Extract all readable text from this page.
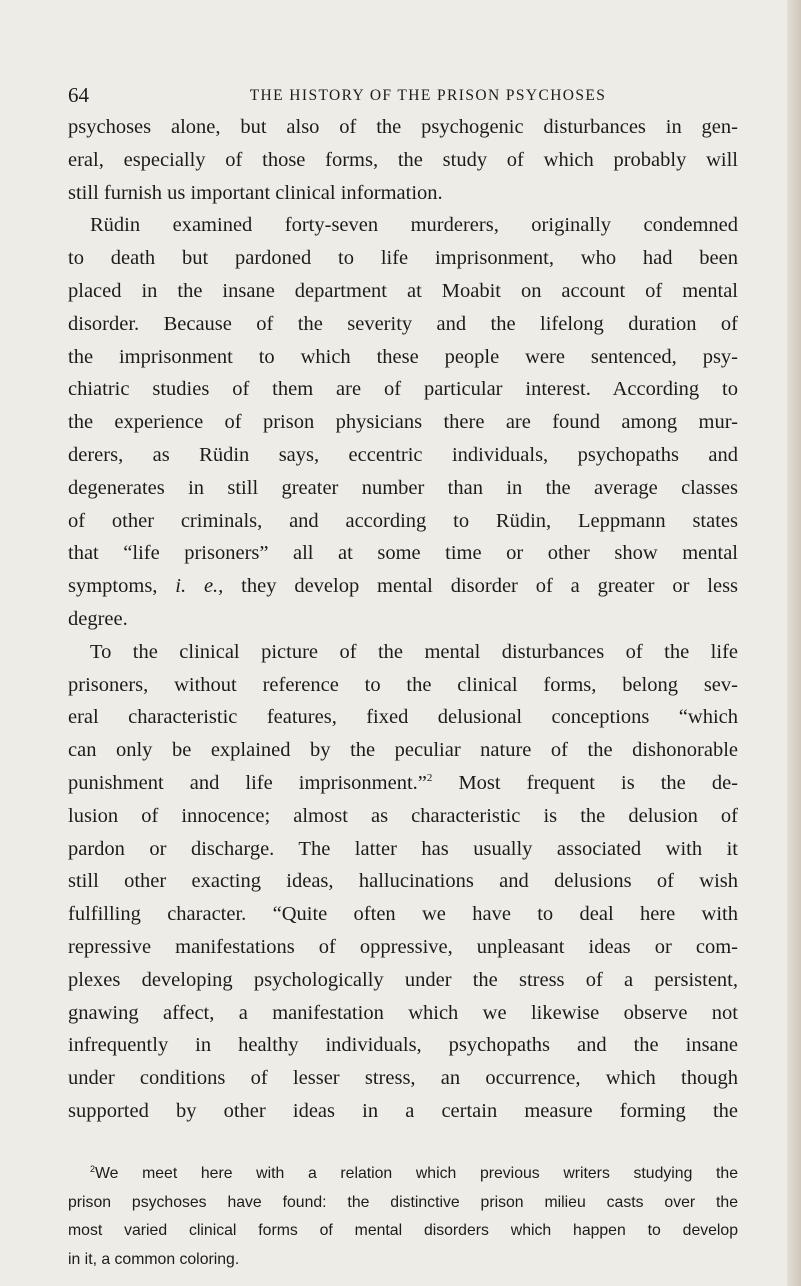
64	THE HISTORY OF THE PRISON PSYCHOSES
psychoses alone, but also of the psychogenic disturbances in gen-
eral, especially of those forms, the study of which probably will
still furnish us important clinical information.
Rüdin examined forty-seven murderers, originally condemned
to death but pardoned to life imprisonment, who had been
placed in the insane department at Moabit on account of mental
disorder. Because of the severity and the lifelong duration of
the imprisonment to which these people were sentenced, psy-
chiatric studies of them are of particular interest. According to
the experience of prison physicians there are found among mur-
derers, as Rüdin says, eccentric individuals, psychopaths and
degenerates in still greater number than in the average classes
of other criminals, and according to Rüdin, Leppmann states
that “life prisoners” all at some time or other show mental
symptoms, i. e., they develop mental disorder of a greater or less
degree.
To the clinical picture of the mental disturbances of the life
prisoners, without reference to the clinical forms, belong sev-
eral characteristic features, fixed delusional conceptions “which
can only be explained by the peculiar nature of the dishonorable
punishment and life imprisonment.”$^2$ Most frequent is the de-
lusion of innocence; almost as characteristic is the delusion of
pardon or discharge. The latter has usually associated with it
still other exacting ideas, hallucinations and delusions of wish
fulfilling character. “Quite often we have to deal here with
repressive manifestations of oppressive, unpleasant ideas or com-
plexes developing psychologically under the stress of a persistent,
gnawing affect, a manifestation which we likewise observe not
infrequently in healthy individuals, psychopaths and the insane
under conditions of lesser stress, an occurrence, which though
supported by other ideas in a certain measure forming the
$^2$We meet here with a relation which previous writers studying the
prison psychoses have found: the distinctive prison milieu casts over the
most varied clinical forms of mental disorders which happen to develop
in it, a common coloring.
